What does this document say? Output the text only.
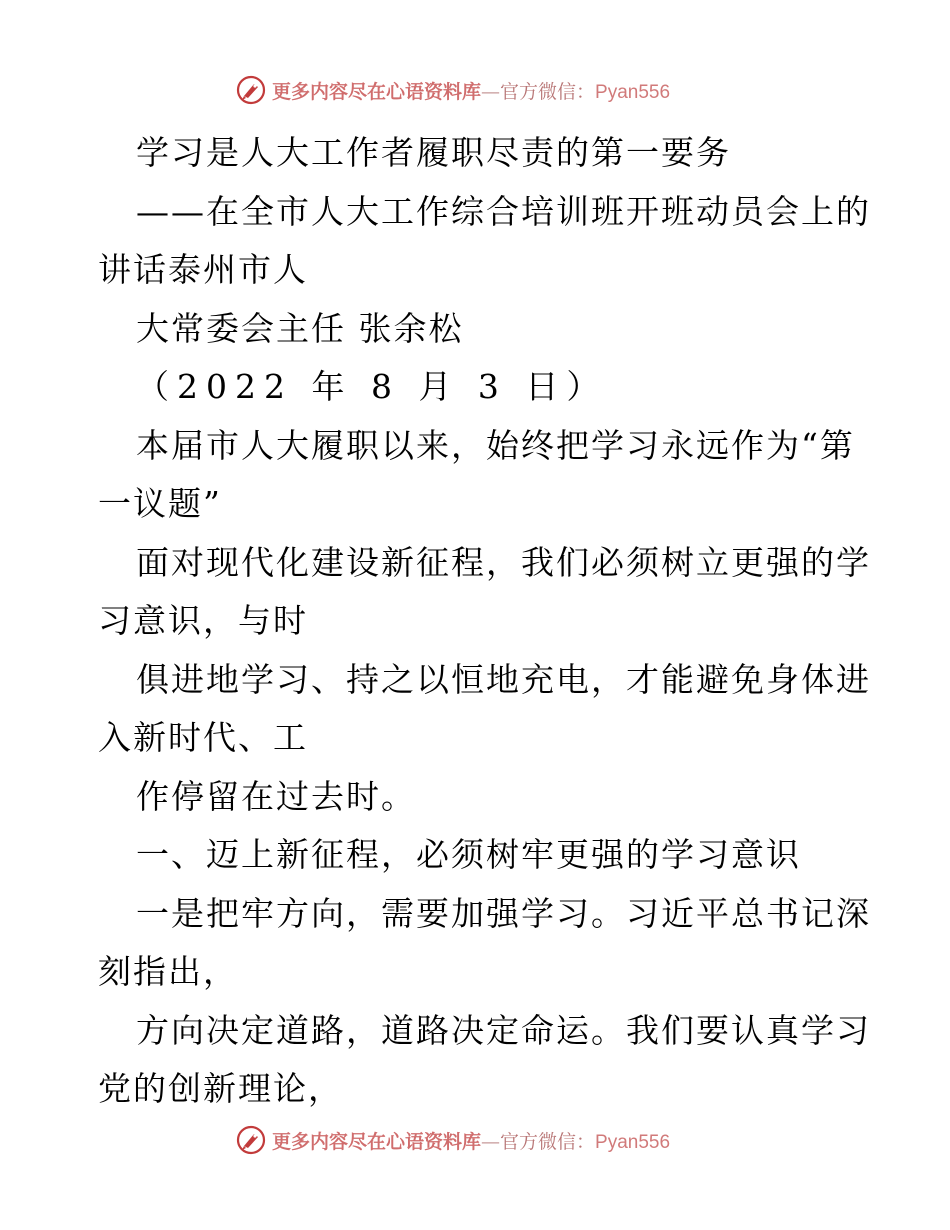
更多内容尽在心语资料库—官方微信：Pyan556
学习是人大工作者履职尽责的第一要务
——在全市人大工作综合培训班开班动员会上的
讲话泰州市人
大常委会主任 张余松
（2022 年 8 月 3 日）
本届市人大履职以来，始终把学习永远作为“第
一议题”
面对现代化建设新征程，我们必须树立更强的学
习意识，与时
俱进地学习、持之以恒地充电，才能避免身体进
入新时代、工
作停留在过去时。
一、迈上新征程，必须树牢更强的学习意识
一是把牢方向，需要加强学习。习近平总书记深
刻指出，
方向决定道路，道路决定命运。我们要认真学习
党的创新理论，
更多内容尽在心语资料库—官方微信：Pyan556
